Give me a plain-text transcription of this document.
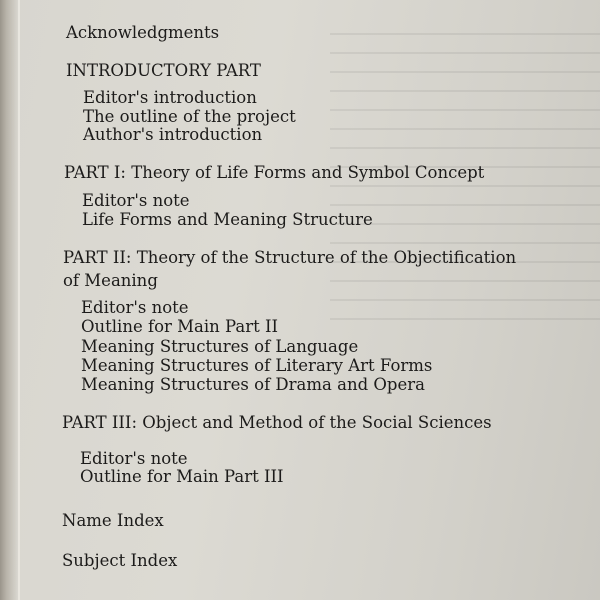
Acknowledgments
INTRODUCTORY PART
Editor's introduction
The outline of the project
Author's introduction
PART I: Theory of Life Forms and Symbol Concept
Editor's note
Life Forms and Meaning Structure
PART II: Theory of the Structure of the Objectification
of Meaning
Editor's note
Outline for Main Part II
Meaning Structures of Language
Meaning Structures of Literary Art Forms
Meaning Structures of Drama and Opera
PART III: Object and Method of the Social Sciences
Editor's note
Outline for Main Part III
Name Index
Subject Index
